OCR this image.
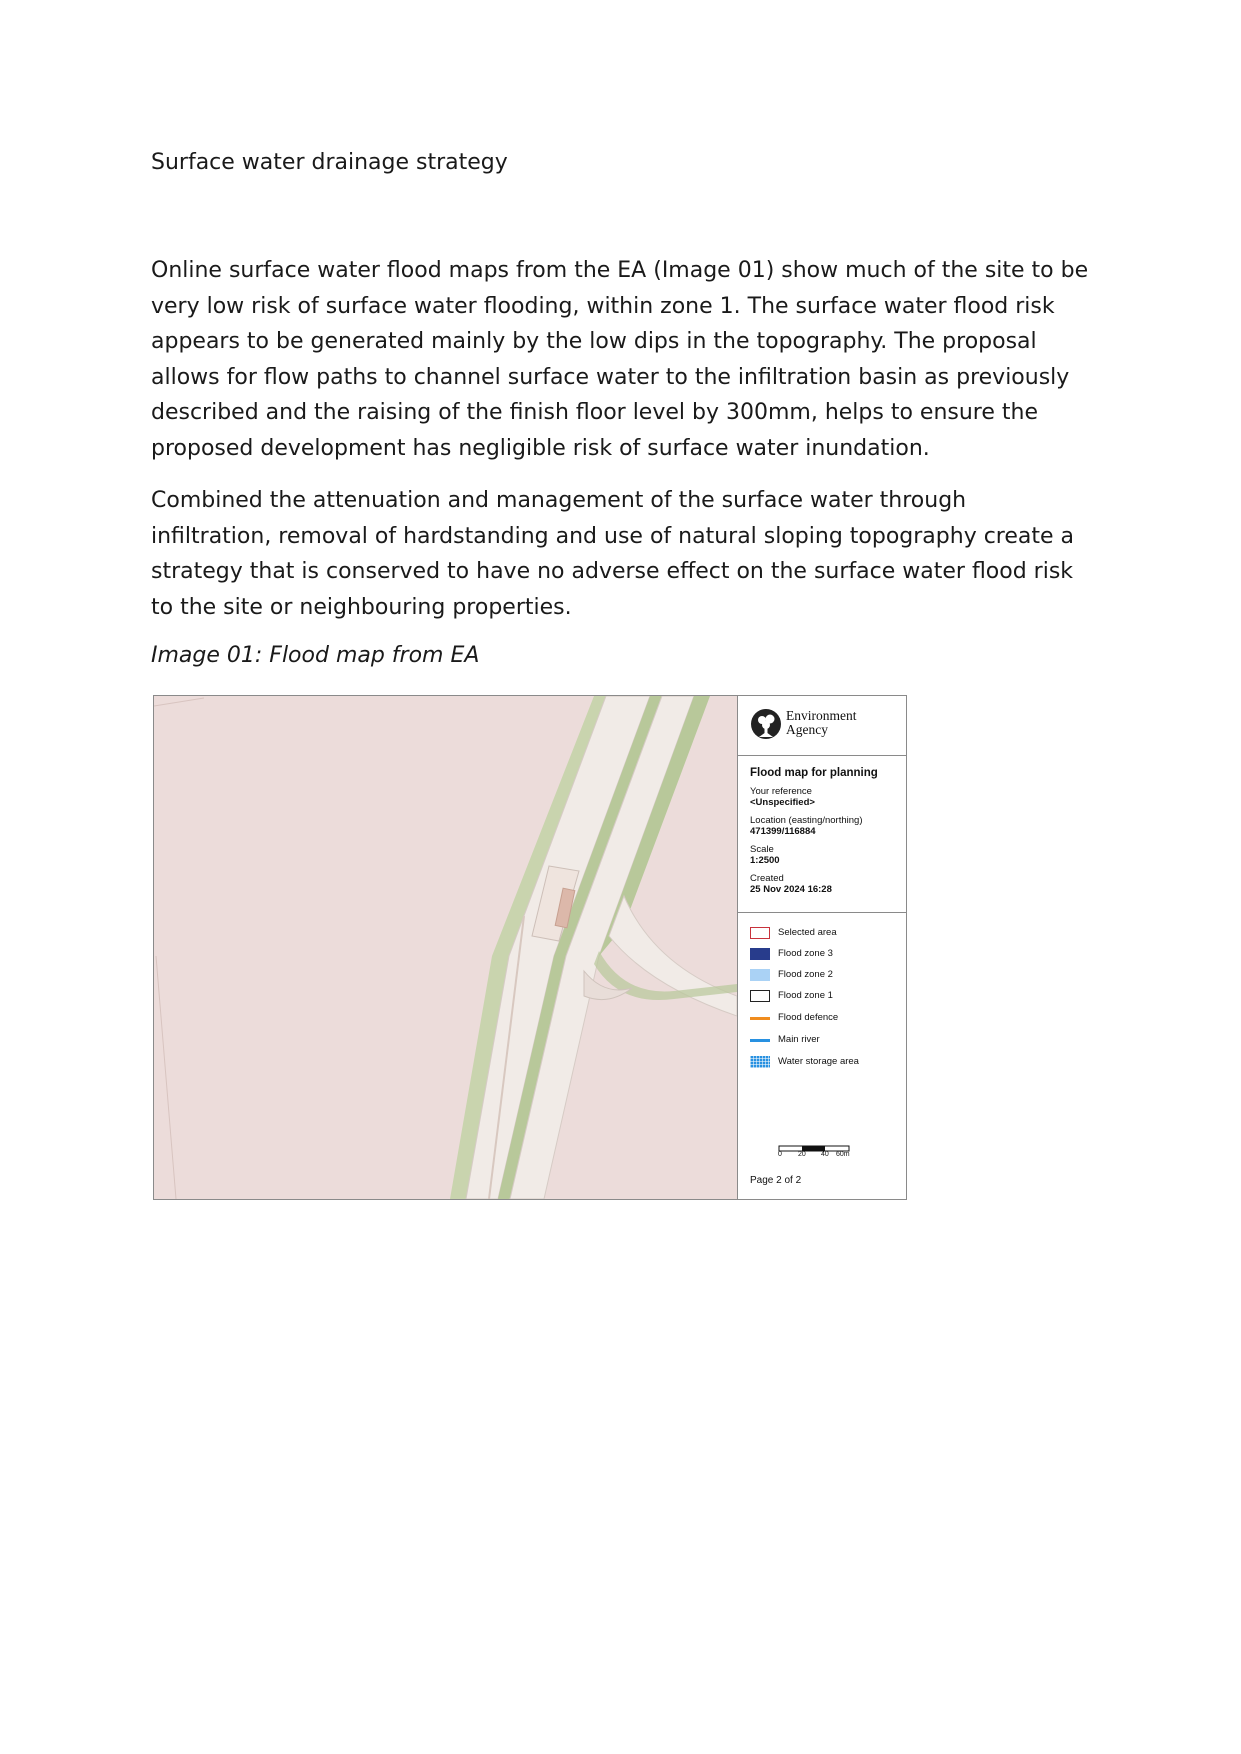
Surface water drainage strategy

Online surface water flood maps from the EA (Image 01) show much of the site to be very low risk of surface water flooding, within zone 1. The surface water flood risk appears to be generated mainly by the low dips in the topography. The proposal allows for flow paths to channel surface water to the infiltration basin as previously described and the raising of the finish floor level by 300mm, helps to ensure the proposed development has negligible risk of surface water inundation.

Combined the attenuation and management of the surface water through infiltration, removal of hardstanding and use of natural sloping topography create a strategy that is conserved to have no adverse effect on the surface water flood risk to the site or neighbouring properties.

Image 01: Flood map from EA

Environment
Agency
Flood map for planning
Your reference
<Unspecified>
Location (easting/northing)
471399/116884
Scale
1:2500
Created
25 Nov 2024 16:28
Selected area
Flood zone 3
Flood zone 2
Flood zone 1
Flood defence
Main river
Water storage area
0 20 40 60m
Page 2 of 2
